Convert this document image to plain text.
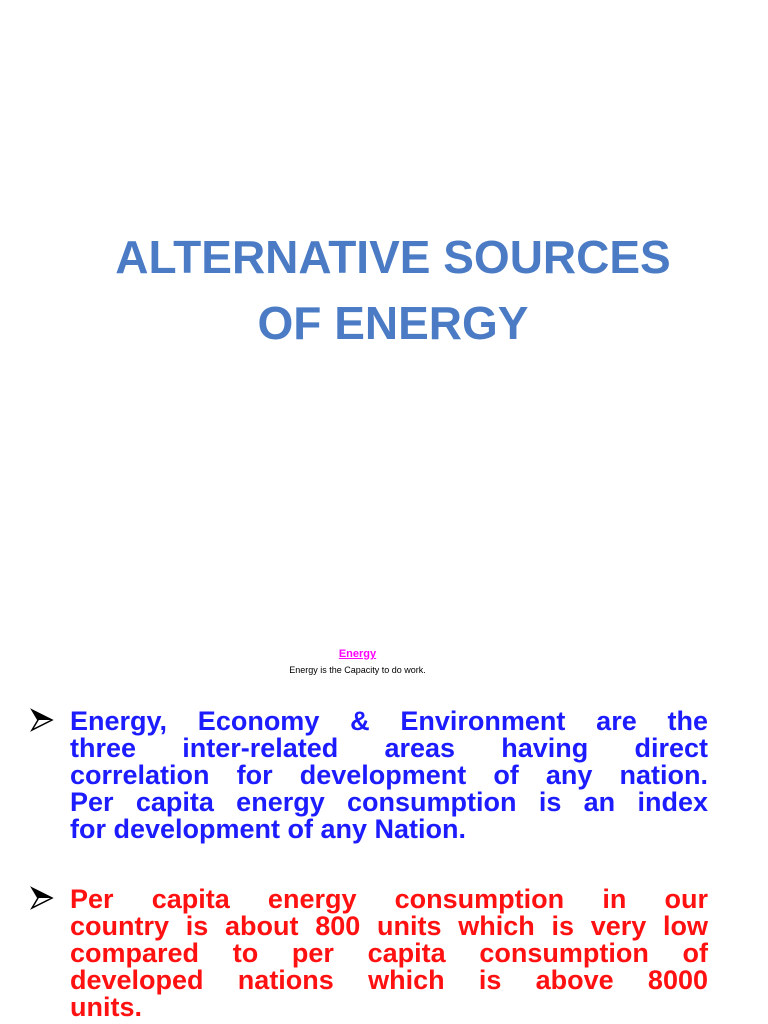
ALTERNATIVE SOURCES
OF ENERGY

Energy

Energy is the Capacity to do work.

Energy, Economy & Environment are the
three inter-related areas having direct
correlation for development of any nation.
Per capita energy consumption is an index
for development of any Nation.
Per capita energy consumption in our
country is about 800 units which is very low
compared to per capita consumption of
developed nations which is above 8000
units.
